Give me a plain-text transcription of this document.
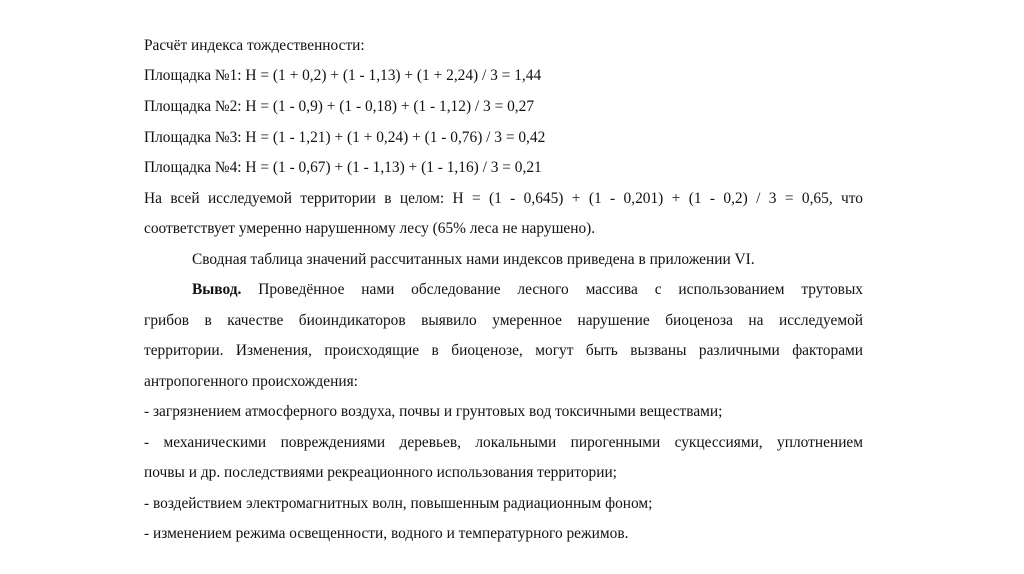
Расчёт индекса тождественности:
Площадка №1: Н = (1 + 0,2) + (1 - 1,13) + (1 + 2,24) / 3 = 1,44
Площадка №2: Н = (1 - 0,9) + (1 - 0,18) + (1 - 1,12) / 3 = 0,27
Площадка №3: Н = (1 - 1,21) + (1 + 0,24) + (1 - 0,76) / 3 = 0,42
Площадка №4: Н = (1 - 0,67) + (1 - 1,13) + (1 - 1,16) / 3 = 0,21
На всей исследуемой территории в целом: Н = (1 - 0,645) + (1 - 0,201) + (1 - 0,2) / 3 = 0,65, что
соответствует умеренно нарушенному лесу (65% леса не нарушено).
Сводная таблица значений рассчитанных нами индексов приведена в приложении VI.
Вывод. Проведённое нами обследование лесного массива с использованием трутовых
грибов в качестве биоиндикаторов выявило умеренное нарушение биоценоза на исследуемой
территории. Изменения, происходящие в биоценозе, могут быть вызваны различными факторами
антропогенного происхождения:
- загрязнением атмосферного воздуха, почвы и грунтовых вод токсичными веществами;
- механическими повреждениями деревьев, локальными пирогенными сукцессиями, уплотнением
почвы и др. последствиями рекреационного использования территории;
- воздействием электромагнитных волн, повышенным радиационным фоном;
- изменением режима освещенности, водного и температурного режимов.
